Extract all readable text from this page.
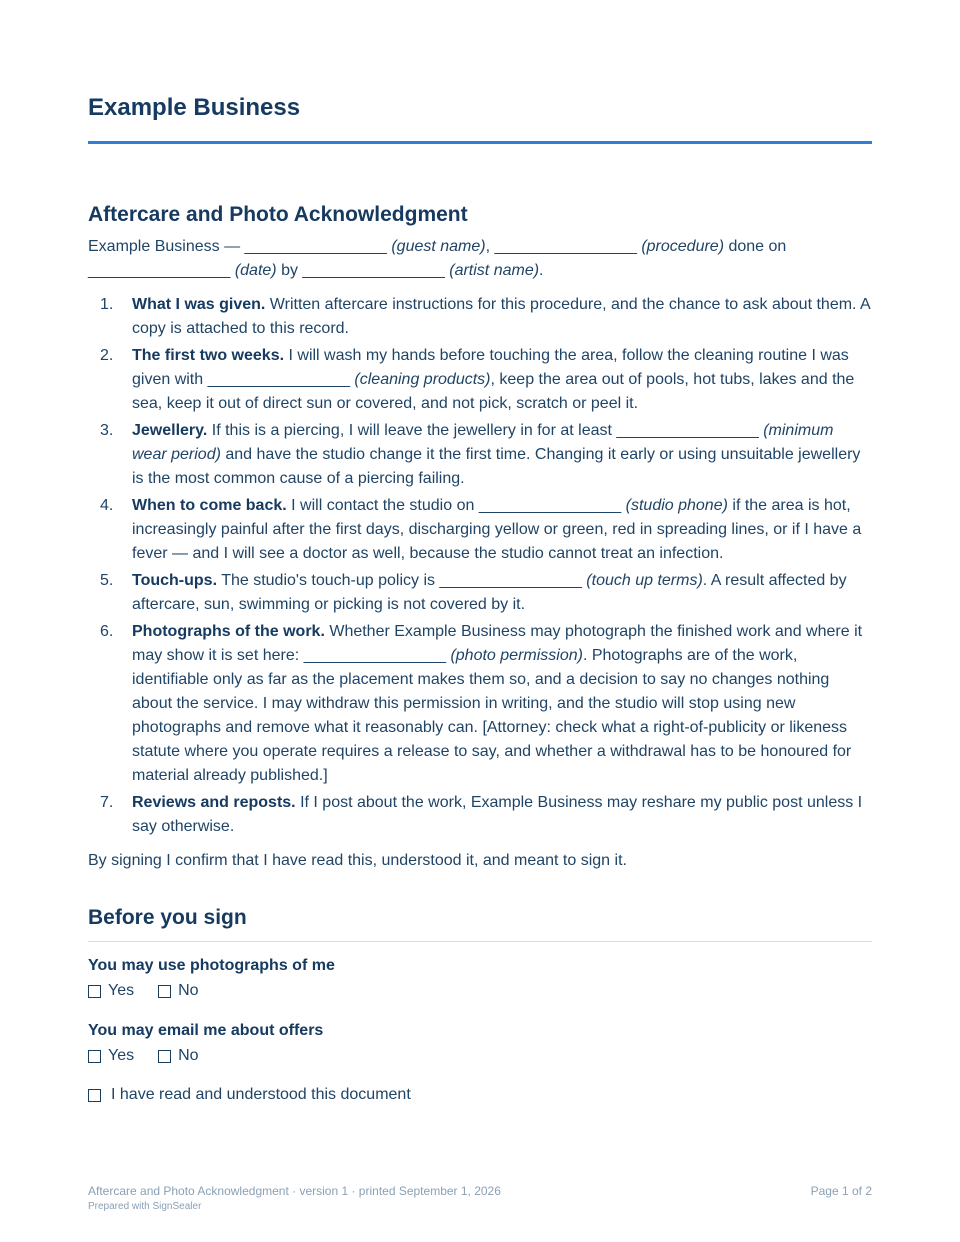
Example Business
Aftercare and Photo Acknowledgment
Example Business — ________________ (guest name), ________________ (procedure) done on
________________ (date) by ________________ (artist name).
1. What I was given. Written aftercare instructions for this procedure, and the chance to ask about them. A copy is attached to this record.
2. The first two weeks. I will wash my hands before touching the area, follow the cleaning routine I was given with ________________ (cleaning products), keep the area out of pools, hot tubs, lakes and the sea, keep it out of direct sun or covered, and not pick, scratch or peel it.
3. Jewellery. If this is a piercing, I will leave the jewellery in for at least ________________ (minimum wear period) and have the studio change it the first time. Changing it early or using unsuitable jewellery is the most common cause of a piercing failing.
4. When to come back. I will contact the studio on ________________ (studio phone) if the area is hot, increasingly painful after the first days, discharging yellow or green, red in spreading lines, or if I have a fever — and I will see a doctor as well, because the studio cannot treat an infection.
5. Touch-ups. The studio's touch-up policy is ________________ (touch up terms). A result affected by aftercare, sun, swimming or picking is not covered by it.
6. Photographs of the work. Whether Example Business may photograph the finished work and where it may show it is set here: ________________ (photo permission). Photographs are of the work, identifiable only as far as the placement makes them so, and a decision to say no changes nothing about the service. I may withdraw this permission in writing, and the studio will stop using new photographs and remove what it reasonably can. [Attorney: check what a right-of-publicity or likeness statute where you operate requires a release to say, and whether a withdrawal has to be honoured for material already published.]
7. Reviews and reposts. If I post about the work, Example Business may reshare my public post unless I say otherwise.
By signing I confirm that I have read this, understood it, and meant to sign it.
Before you sign
You may use photographs of me
Yes	No
You may email me about offers
Yes	No
I have read and understood this document
Aftercare and Photo Acknowledgment · version 1 · printed September 1, 2026
Prepared with SignSealer
Page 1 of 2
